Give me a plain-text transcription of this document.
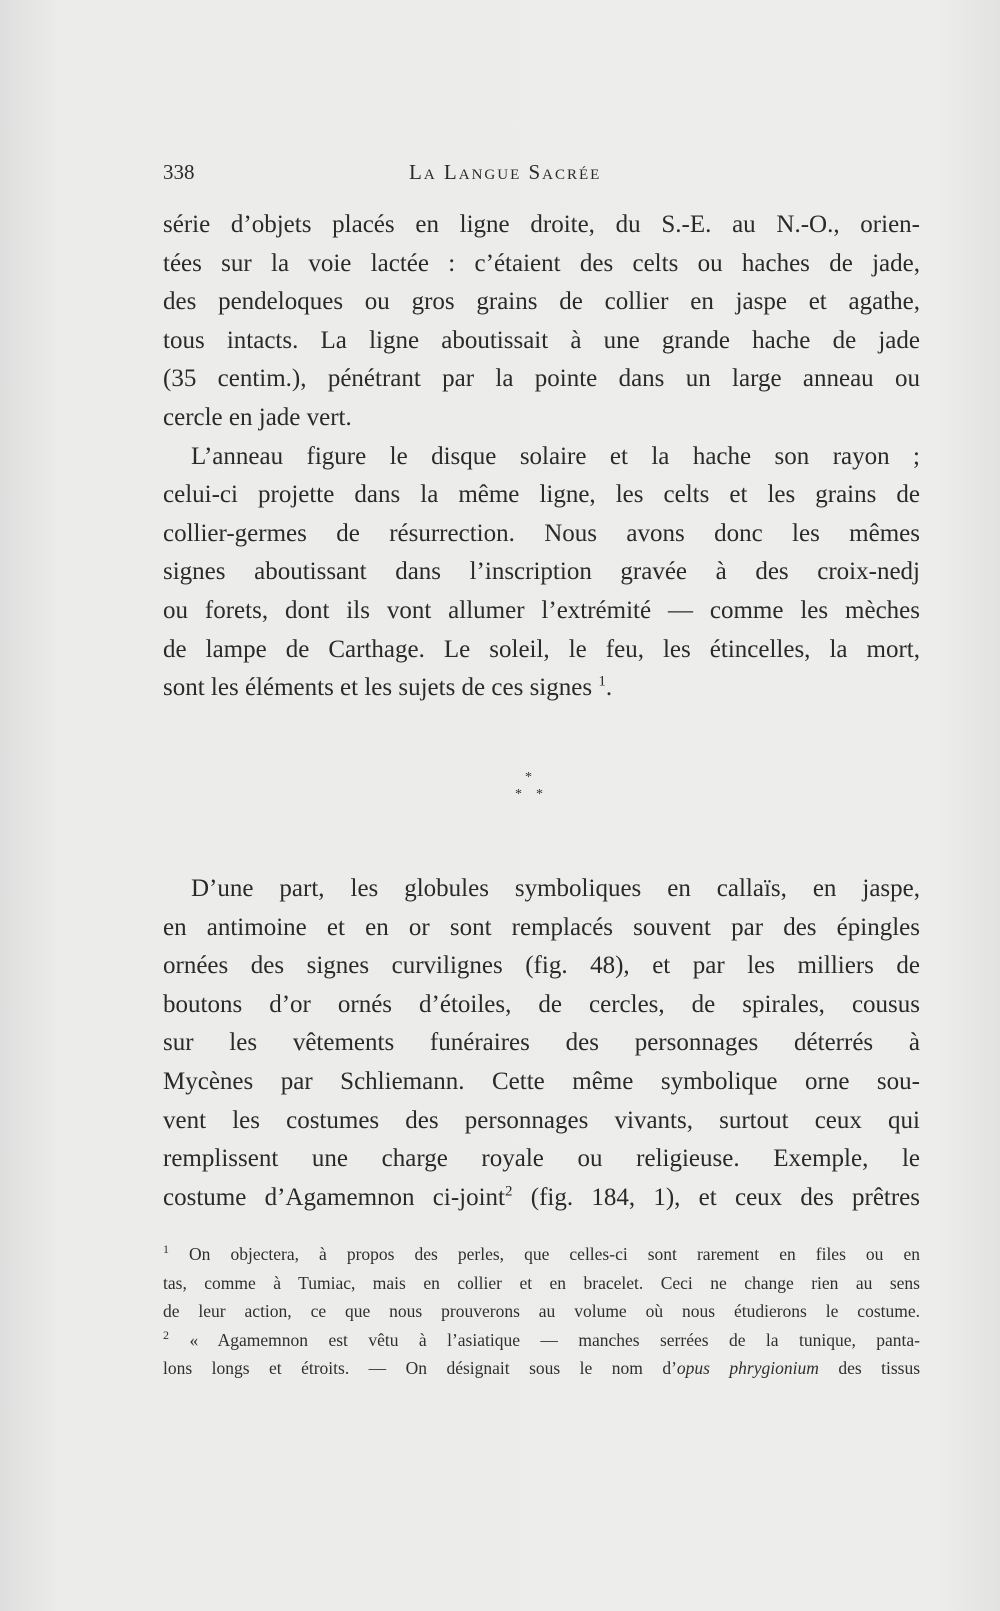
338	La Langue Sacrée
série d’objets placés en ligne droite, du S.-E. au N.-O., orien-
tées sur la voie lactée : c’étaient des celts ou haches de jade,
des pendeloques ou gros grains de collier en jaspe et agathe,
tous intacts. La ligne aboutissait à une grande hache de jade
(35 centim.), pénétrant par la pointe dans un large anneau ou
cercle en jade vert.
L’anneau figure le disque solaire et la hache son rayon ;
celui-ci projette dans la même ligne, les celts et les grains de
collier-germes de résurrection. Nous avons donc les mêmes
signes aboutissant dans l’inscription gravée à des croix-nedj
ou forets, dont ils vont allumer l’extrémité — comme les mèches
de lampe de Carthage. Le soleil, le feu, les étincelles, la mort,
sont les éléments et les sujets de ces signes $^1$.
*
* *
D’une part, les globules symboliques en callaïs, en jaspe,
en antimoine et en or sont remplacés souvent par des épingles
ornées des signes curvilignes (fig. 48), et par les milliers de
boutons d’or ornés d’étoiles, de cercles, de spirales, cousus
sur les vêtements funéraires des personnages déterrés à
Mycènes par Schliemann. Cette même symbolique orne sou-
vent les costumes des personnages vivants, surtout ceux qui
remplissent une charge royale ou religieuse. Exemple, le
costume d’Agamemnon ci-joint$^2$ (fig. 184, 1), et ceux des prêtres
$^1$ On objectera, à propos des perles, que celles-ci sont rarement en files ou en
tas, comme à Tumiac, mais en collier et en bracelet. Ceci ne change rien au sens
de leur action, ce que nous prouverons au volume où nous étudierons le costume.
$^2$ « Agamemnon est vêtu à l’asiatique — manches serrées de la tunique, panta-
lons longs et étroits. — On désignait sous le nom d’opus phrygionium des tissus
